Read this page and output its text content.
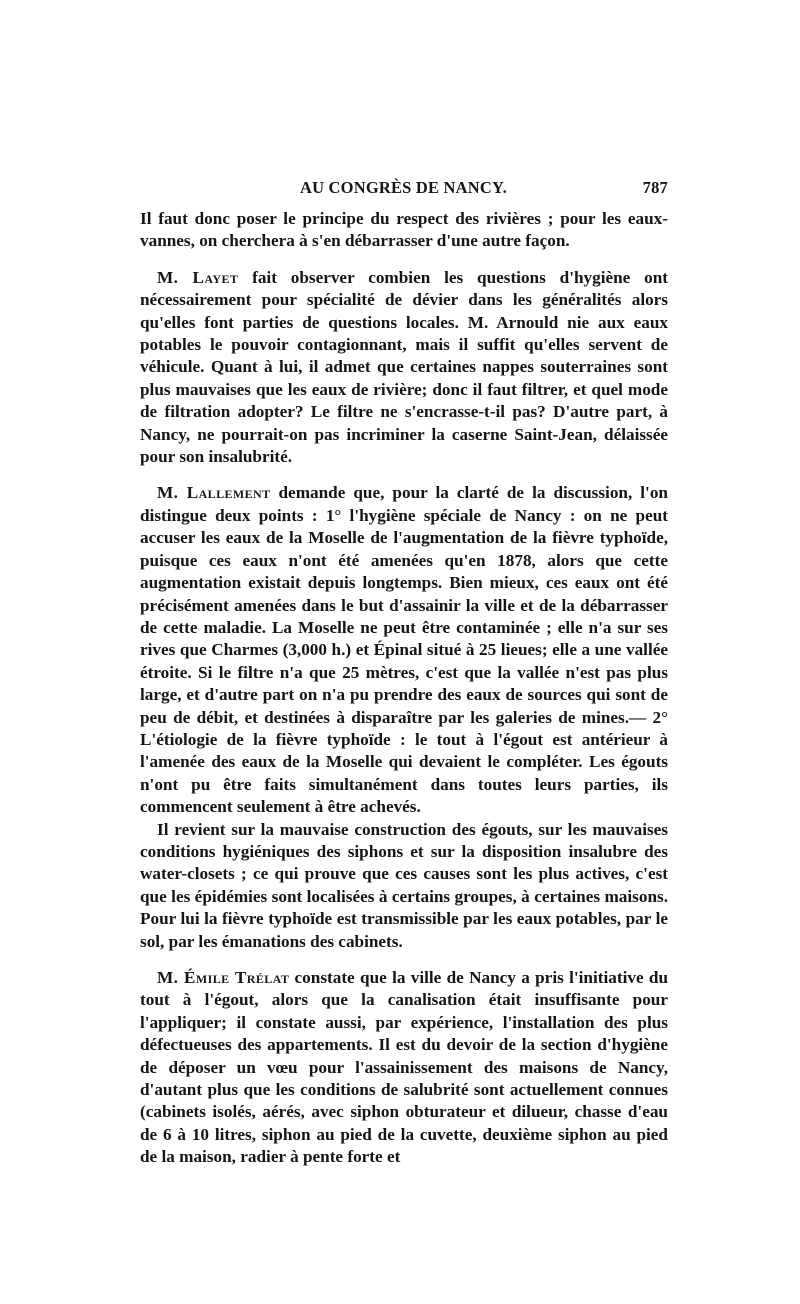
AU CONGRÈS DE NANCY.	787

Il faut donc poser le principe du respect des rivières ; pour les eaux-vannes, on cherchera à s'en débarrasser d'une autre façon.

M. Layet fait observer combien les questions d'hygiène ont nécessairement pour spécialité de dévier dans les généralités alors qu'elles font parties de questions locales. M. Arnould nie aux eaux potables le pouvoir contagionnant, mais il suffit qu'elles servent de véhicule. Quant à lui, il admet que certaines nappes souterraines sont plus mauvaises que les eaux de rivière; donc il faut filtrer, et quel mode de filtration adopter? Le filtre ne s'encrasse-t-il pas? D'autre part, à Nancy, ne pourrait-on pas incriminer la caserne Saint-Jean, délaissée pour son insalubrité.

M. Lallement demande que, pour la clarté de la discussion, l'on distingue deux points : 1° l'hygiène spéciale de Nancy : on ne peut accuser les eaux de la Moselle de l'augmentation de la fièvre typhoïde, puisque ces eaux n'ont été amenées qu'en 1878, alors que cette augmentation existait depuis longtemps. Bien mieux, ces eaux ont été précisément amenées dans le but d'assainir la ville et de la débarrasser de cette maladie. La Moselle ne peut être contaminée ; elle n'a sur ses rives que Charmes (3,000 h.) et Épinal situé à 25 lieues; elle a une vallée étroite. Si le filtre n'a que 25 mètres, c'est que la vallée n'est pas plus large, et d'autre part on n'a pu prendre des eaux de sources qui sont de peu de débit, et destinées à disparaître par les galeries de mines.— 2° L'étiologie de la fièvre typhoïde : le tout à l'égout est antérieur à l'amenée des eaux de la Moselle qui devaient le compléter. Les égouts n'ont pu être faits simultanément dans toutes leurs parties, ils commencent seulement à être achevés.

Il revient sur la mauvaise construction des égouts, sur les mauvaises conditions hygiéniques des siphons et sur la disposition insalubre des water-closets ; ce qui prouve que ces causes sont les plus actives, c'est que les épidémies sont localisées à certains groupes, à certaines maisons. Pour lui la fièvre typhoïde est transmissible par les eaux potables, par le sol, par les émanations des cabinets.

M. Émile Trélat constate que la ville de Nancy a pris l'initiative du tout à l'égout, alors que la canalisation était insuffisante pour l'appliquer; il constate aussi, par expérience, l'installation des plus défectueuses des appartements. Il est du devoir de la section d'hygiène de déposer un vœu pour l'assainissement des maisons de Nancy, d'autant plus que les conditions de salubrité sont actuellement connues (cabinets isolés, aérés, avec siphon obturateur et dilueur, chasse d'eau de 6 à 10 litres, siphon au pied de la cuvette, deuxième siphon au pied de la maison, radier à pente forte et
